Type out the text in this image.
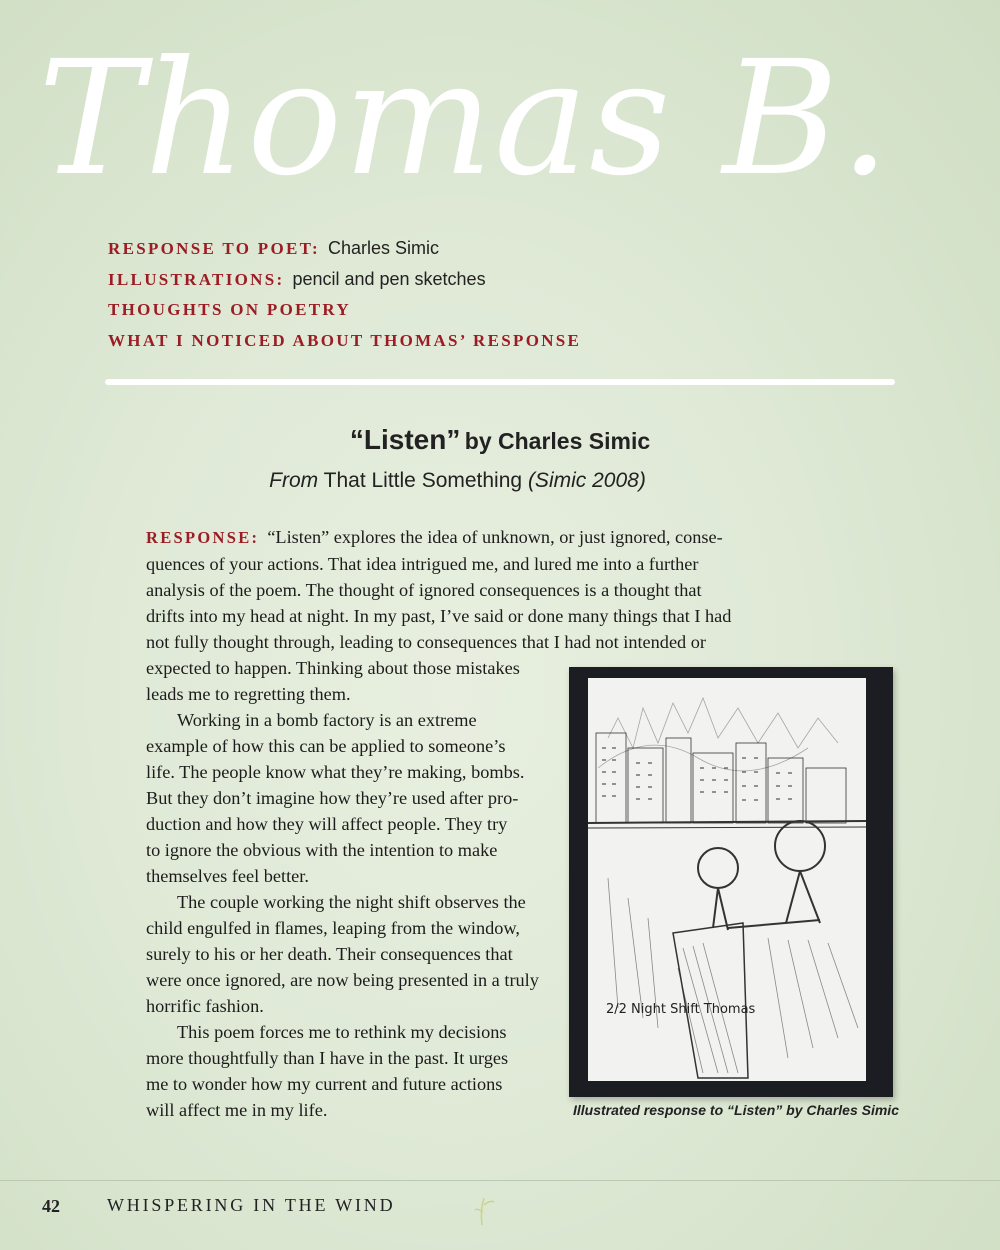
Thomas B.
RESPONSE TO POET: Charles Simic
ILLUSTRATIONS: pencil and pen sketches
THOUGHTS ON POETRY
WHAT I NOTICED ABOUT THOMAS’ RESPONSE
“Listen” by Charles Simic
From That Little Something (Simic 2008)
RESPONSE: “Listen” explores the idea of unknown, or just ignored, conse-
quences of your actions. That idea intrigued me, and lured me into a further
analysis of the poem. The thought of ignored consequences is a thought that
drifts into my head at night. In my past, I’ve said or done many things that I had
not fully thought through, leading to consequences that I had not intended or
expected to happen. Thinking about those mistakes
leads me to regretting them.
Working in a bomb factory is an extreme
example of how this can be applied to someone’s
life. The people know what they’re making, bombs.
But they don’t imagine how they’re used after pro-
duction and how they will affect people. They try
to ignore the obvious with the intention to make
themselves feel better.
The couple working the night shift observes the
child engulfed in flames, leaping from the window,
surely to his or her death. Their consequences that
were once ignored, are now being presented in a truly
horrific fashion.
This poem forces me to rethink my decisions
more thoughtfully than I have in the past. It urges
me to wonder how my current and future actions
will affect me in my life.
2/2 Night Shift Thomas
Illustrated response to “Listen” by Charles Simic
42	WHISPERING IN THE WIND
